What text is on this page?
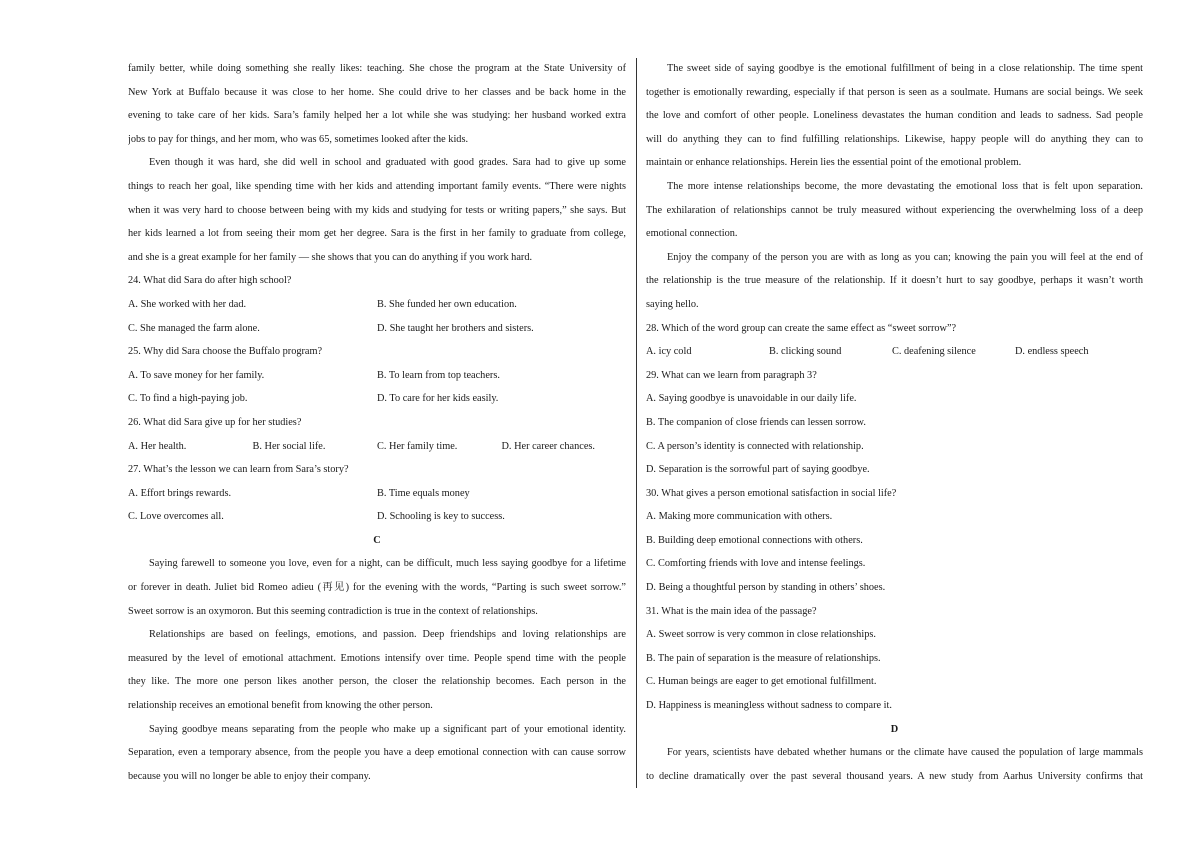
family better, while doing something she really likes: teaching. She chose the program at the State University of
New York at Buffalo because it was close to her home. She could drive to her classes and be back home in the
evening to take care of her kids. Sara’s family helped her a lot while she was studying: her husband worked extra
jobs to pay for things, and her mom, who was 65, sometimes looked after the kids.
Even though it was hard, she did well in school and graduated with good grades. Sara had to give up some
things to reach her goal, like spending time with her kids and attending important family events. “There were nights
when it was very hard to choose between being with my kids and studying for tests or writing papers,” she says. But
her kids learned a lot from seeing their mom get her degree. Sara is the first in her family to graduate from college,
and she is a great example for her family — she shows that you can do anything if you work hard.
24. What did Sara do after high school?
A. She worked with her dad.	B. She funded her own education.
C. She managed the farm alone.	D. She taught her brothers and sisters.
25. Why did Sara choose the Buffalo program?
A. To save money for her family.	B. To learn from top teachers.
C. To find a high-paying job.	D. To care for her kids easily.
26. What did Sara give up for her studies?
A. Her health.	B. Her social life.	C. Her family time.	D. Her career chances.
27. What’s the lesson we can learn from Sara’s story?
A. Effort brings rewards.	B. Time equals money
C. Love overcomes all.	D. Schooling is key to success.
C
Saying farewell to someone you love, even for a night, can be difficult, much less saying goodbye for a lifetime
or forever in death. Juliet bid Romeo adieu (再见) for the evening with the words, “Parting is such sweet sorrow.”
Sweet sorrow is an oxymoron. But this seeming contradiction is true in the context of relationships.
Relationships are based on feelings, emotions, and passion. Deep friendships and loving relationships are
measured by the level of emotional attachment. Emotions intensify over time. People spend time with the people
they like. The more one person likes another person, the closer the relationship becomes. Each person in the
relationship receives an emotional benefit from knowing the other person.
Saying goodbye means separating from the people who make up a significant part of your emotional identity.
Separation, even a temporary absence, from the people you have a deep emotional connection with can cause sorrow
because you will no longer be able to enjoy their company.
The sweet side of saying goodbye is the emotional fulfillment of being in a close relationship. The time spent
together is emotionally rewarding, especially if that person is seen as a soulmate. Humans are social beings. We seek
the love and comfort of other people. Loneliness devastates the human condition and leads to sadness. Sad people
will do anything they can to find fulfilling relationships. Likewise, happy people will do anything they can to
maintain or enhance relationships. Herein lies the essential point of the emotional problem.
The more intense relationships become, the more devastating the emotional loss that is felt upon separation.
The exhilaration of relationships cannot be truly measured without experiencing the overwhelming loss of a deep
emotional connection.
Enjoy the company of the person you are with as long as you can; knowing the pain you will feel at the end of
the relationship is the true measure of the relationship. If it doesn’t hurt to say goodbye, perhaps it wasn’t worth
saying hello.
28. Which of the word group can create the same effect as “sweet sorrow”?
A. icy cold	B. clicking sound	C. deafening silence	D. endless speech
29. What can we learn from paragraph 3?
A. Saying goodbye is unavoidable in our daily life.
B. The companion of close friends can lessen sorrow.
C. A person’s identity is connected with relationship.
D. Separation is the sorrowful part of saying goodbye.
30. What gives a person emotional satisfaction in social life?
A. Making more communication with others.
B. Building deep emotional connections with others.
C. Comforting friends with love and intense feelings.
D. Being a thoughtful person by standing in others’ shoes.
31. What is the main idea of the passage?
A. Sweet sorrow is very common in close relationships.
B. The pain of separation is the measure of relationships.
C. Human beings are eager to get emotional fulfillment.
D. Happiness is meaningless without sadness to compare it.
D
For years, scientists have debated whether humans or the climate have caused the population of large mammals
to decline dramatically over the past several thousand years. A new study from Aarhus University confirms that
